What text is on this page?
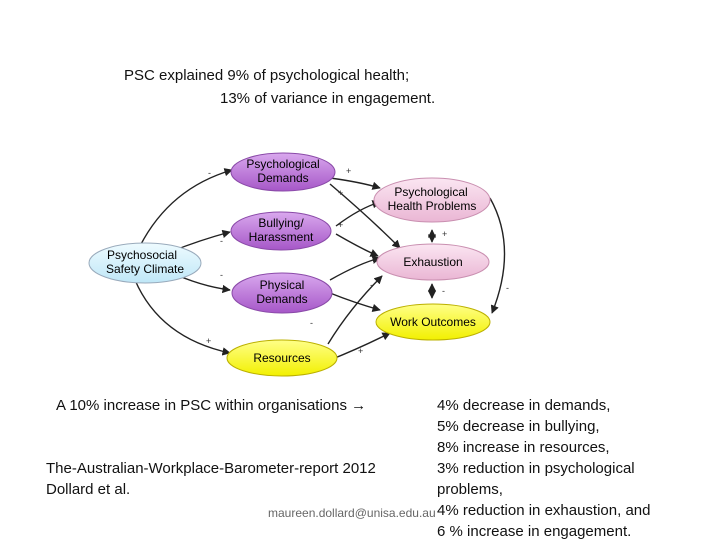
PSC explained 9% of psychological health;
13% of variance in engagement.
-	+
+
-
+
-
-
-
+
+
+
-	-
Psychosocial
Safety Climate
Psychological
Demands
Bullying/
Harassment
Physical
Demands
Resources
Psychological
Health Problems
Exhaustion
Work Outcomes
A 10% increase in PSC within organisations →
The-Australian-Workplace-Barometer-report 2012
Dollard et al.
maureen.dollard@unisa.edu.au
4% decrease in demands,
5% decrease in bullying,
8% increase in resources,
3% reduction in psychological
problems,
4% reduction in exhaustion, and
6 % increase in engagement.
